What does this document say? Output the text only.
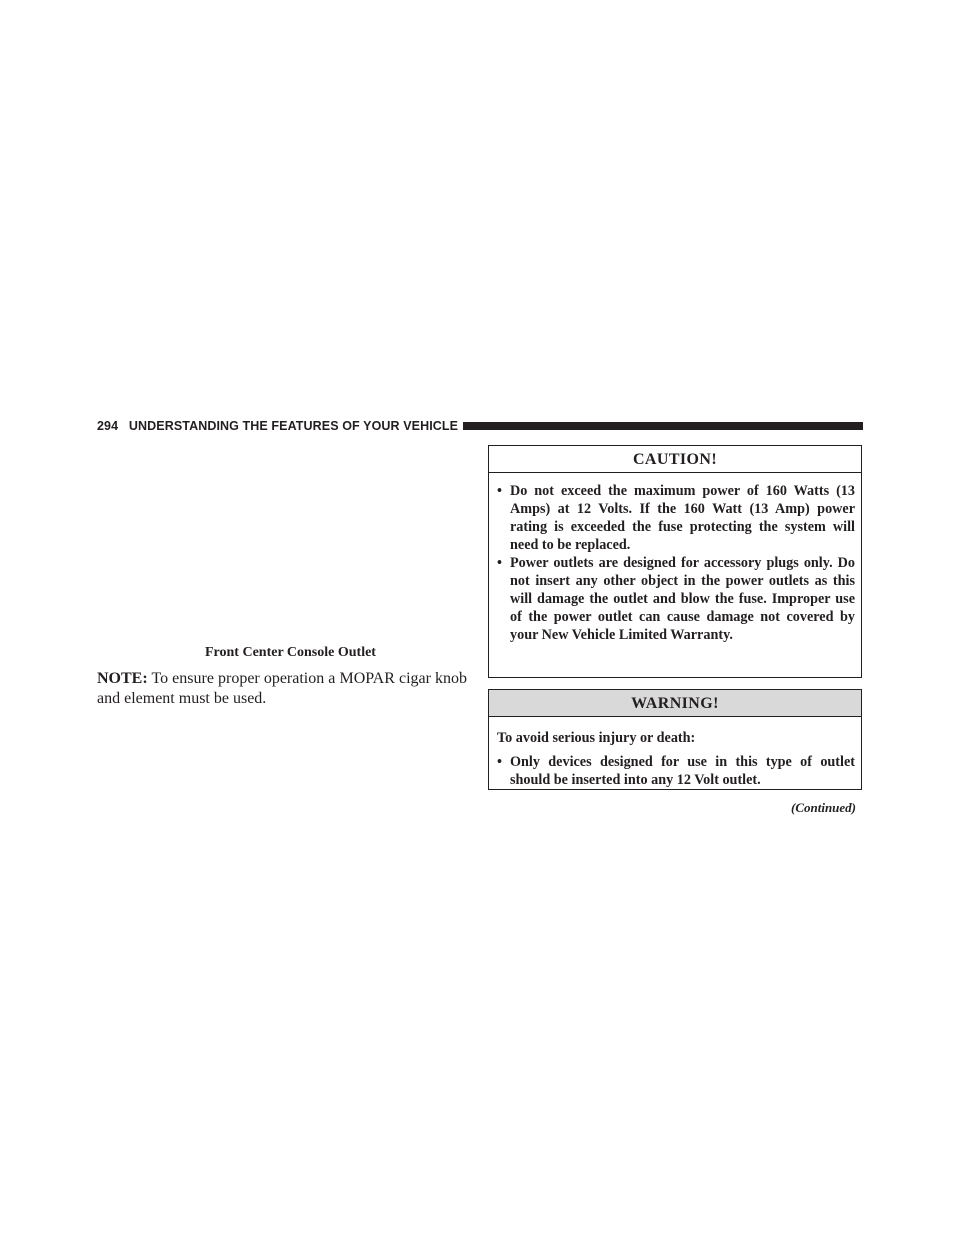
294 UNDERSTANDING THE FEATURES OF YOUR VEHICLE
Front Center Console Outlet
NOTE: To ensure proper operation a MOPAR cigar knob and element must be used.
CAUTION!
• Do not exceed the maximum power of 160 Watts (13 Amps) at 12 Volts. If the 160 Watt (13 Amp) power rating is exceeded the fuse protecting the system will need to be replaced.
• Power outlets are designed for accessory plugs only. Do not insert any other object in the power outlets as this will damage the outlet and blow the fuse. Improper use of the power outlet can cause damage not covered by your New Vehicle Limited Warranty.
WARNING!
To avoid serious injury or death:
• Only devices designed for use in this type of outlet should be inserted into any 12 Volt outlet.
(Continued)
